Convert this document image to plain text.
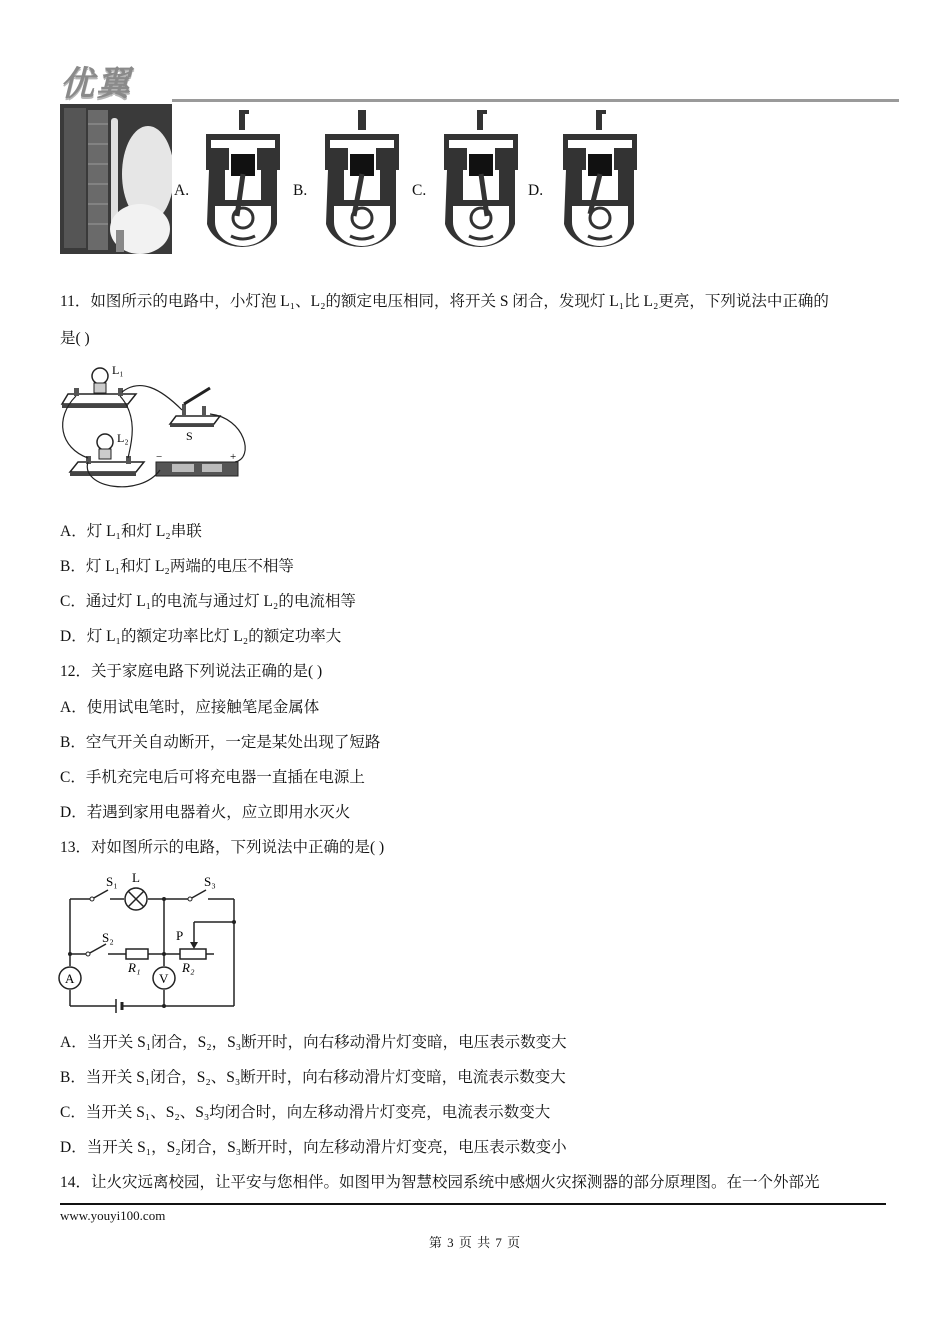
优翼
A.	B.	C.	D.
11．如图所示的电路中，小灯泡 L₁、L₂的额定电压相同，将开关 S 闭合，发现灯 L₁比 L₂更亮，下列说法中正确的
是( )
L₁
L₂	S
−	+
A．灯 L₁和灯 L₂串联
B．灯 L₁和灯 L₂两端的电压不相等
C．通过灯 L₁的电流与通过灯 L₂的电流相等
D．灯 L₁的额定功率比灯 L₂的额定功率大
12．关于家庭电路下列说法正确的是( )
A．使用试电笔时，应接触笔尾金属体
B．空气开关自动断开，一定是某处出现了短路
C．手机充完电后可将充电器一直插在电源上
D．若遇到家用电器着火，应立即用水灭火
13．对如图所示的电路，下列说法中正确的是( )
A	V
S₁ L	S₃
S₂	P
R₁	R₂
A．当开关 S₁闭合，S₂，S₃断开时，向右移动滑片灯变暗，电压表示数变大
B．当开关 S₁闭合，S₂、S₃断开时，向右移动滑片灯变暗，电流表示数变大
C．当开关 S₁、S₂、S₃均闭合时，向左移动滑片灯变亮，电流表示数变大
D．当开关 S₁，S₂闭合，S₃断开时，向左移动滑片灯变亮，电压表示数变小
14．让火灾远离校园，让平安与您相伴。如图甲为智慧校园系统中感烟火灾探测器的部分原理图。在一个外部光
www.youyi100.com
第 3 页 共 7 页
